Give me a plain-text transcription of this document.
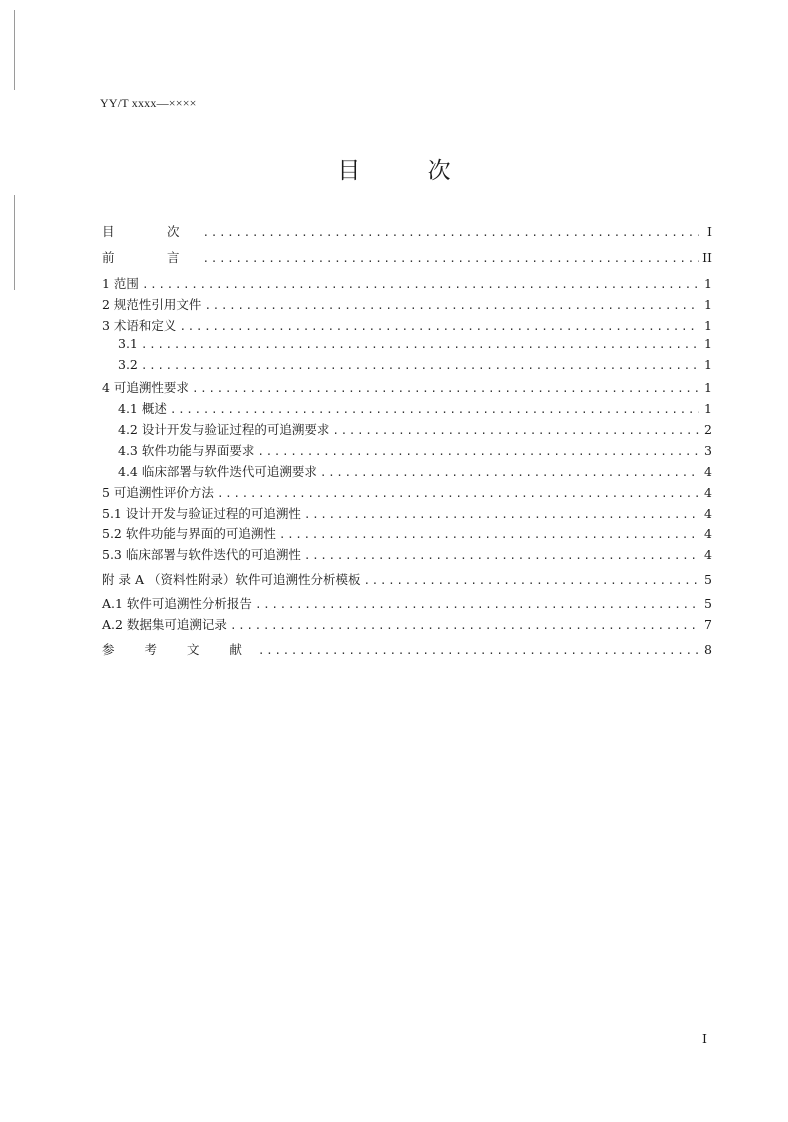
YY/T xxxx—××××
目 次
目　次 .....	I
前　言 .....	II
1 范围 .....	1
2 规范性引用文件 .....	1
3 术语和定义 .....	1
3.1 .....	1
3.2 .....	1
4 可追溯性要求 .....	1
4.1 概述 .....	1
4.2 设计开发与验证过程的可追溯要求 .....	2
4.3 软件功能与界面要求 .....	3
4.4 临床部署与软件迭代可追溯要求 .....	4
5 可追溯性评价方法 .....	4
5.1 设计开发与验证过程的可追溯性 .....	4
5.2 软件功能与界面的可追溯性 .....	4
5.3 临床部署与软件迭代的可追溯性 .....	4
附 录 A （资料性附录）软件可追溯性分析模板 .....	5
A.1 软件可追溯性分析报告 .....	5
A.2 数据集可追溯记录 .....	7
参 考 文 献 .....	8
I
